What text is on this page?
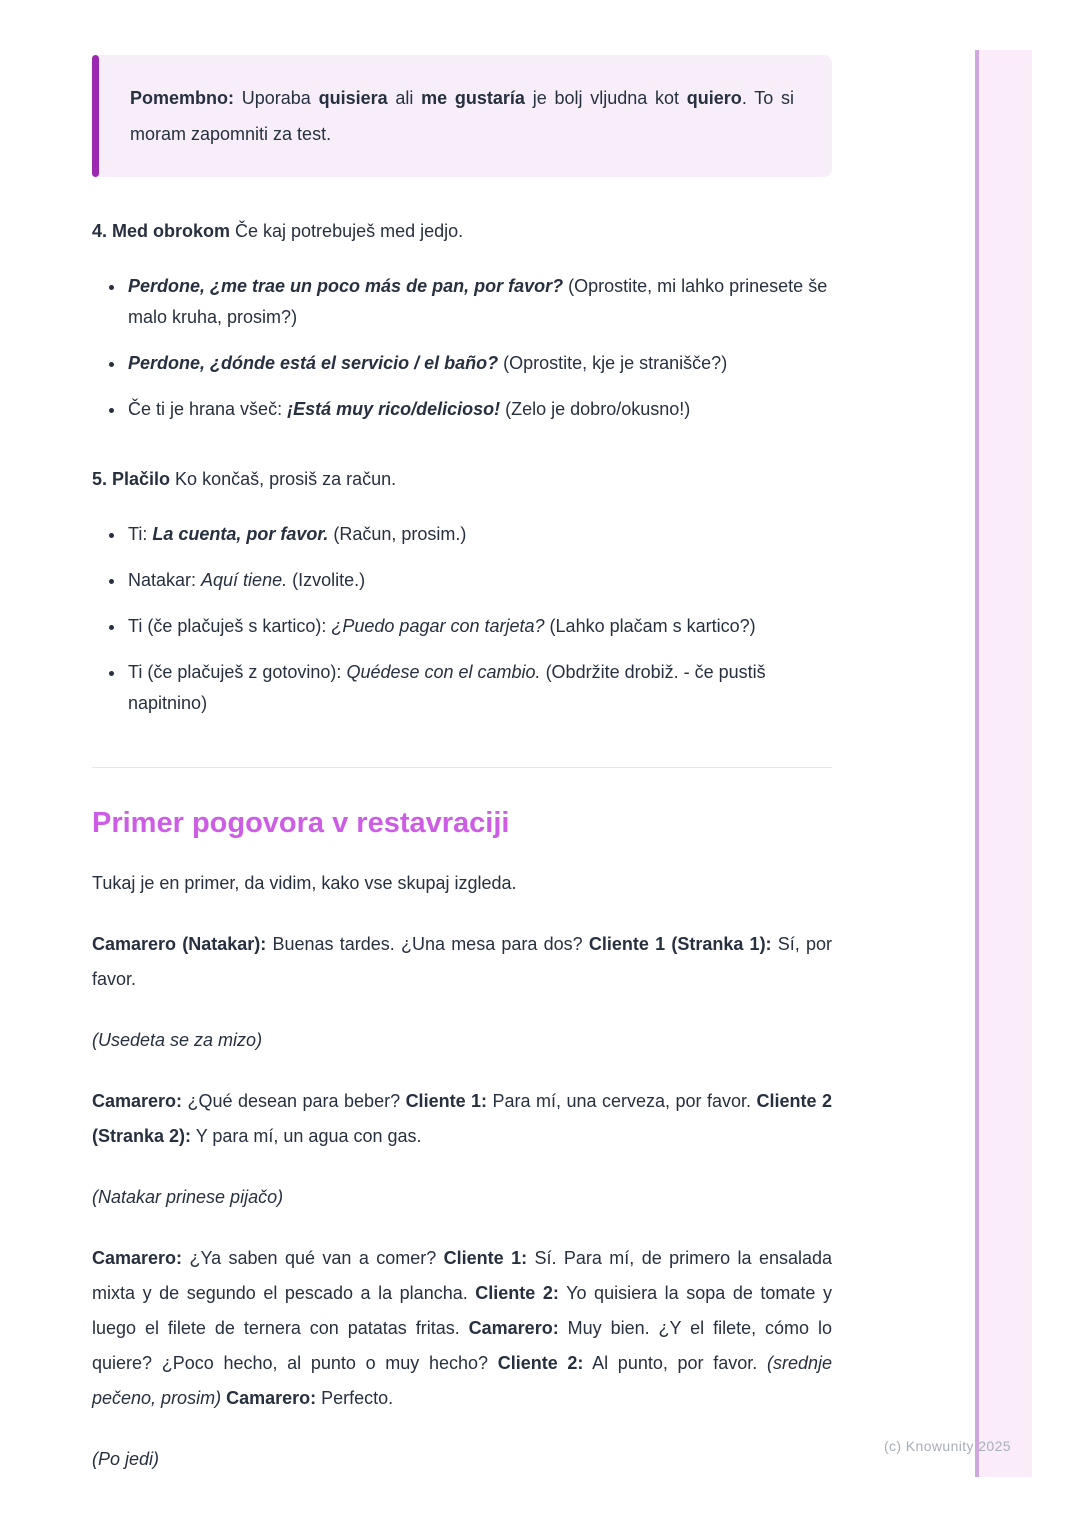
Pomembno: Uporaba quisiera ali me gustaría je bolj vljudna kot quiero. To si moram zapomniti za test.

4. Med obrokom Če kaj potrebuješ med jedjo.

• Perdone, ¿me trae un poco más de pan, por favor? (Oprostite, mi lahko prinesete še malo kruha, prosim?)
• Perdone, ¿dónde está el servicio / el baño? (Oprostite, kje je stranišče?)
• Če ti je hrana všeč: ¡Está muy rico/delicioso! (Zelo je dobro/okusno!)

5. Plačilo Ko končaš, prosiš za račun.

• Ti: La cuenta, por favor. (Račun, prosim.)
• Natakar: Aquí tiene. (Izvolite.)
• Ti (če plačuješ s kartico): ¿Puedo pagar con tarjeta? (Lahko plačam s kartico?)
• Ti (če plačuješ z gotovino): Quédese con el cambio. (Obdržite drobiž. - če pustiš napitnino)
Primer pogovora v restavraciji

Tukaj je en primer, da vidim, kako vse skupaj izgleda.

Camarero (Natakar): Buenas tardes. ¿Una mesa para dos? Cliente 1 (Stranka 1): Sí, por favor.

(Usedeta se za mizo)

Camarero: ¿Qué desean para beber? Cliente 1: Para mí, una cerveza, por favor. Cliente 2 (Stranka 2): Y para mí, un agua con gas.

(Natakar prinese pijačo)

Camarero: ¿Ya saben qué van a comer? Cliente 1: Sí. Para mí, de primero la ensalada mixta y de segundo el pescado a la plancha. Cliente 2: Yo quisiera la sopa de tomate y luego el filete de ternera con patatas fritas. Camarero: Muy bien. ¿Y el filete, cómo lo quiere? ¿Poco hecho, al punto o muy hecho? Cliente 2: Al punto, por favor. (srednje pečeno, prosim) Camarero: Perfecto.

(Po jedi)

(c) Knowunity 2025
